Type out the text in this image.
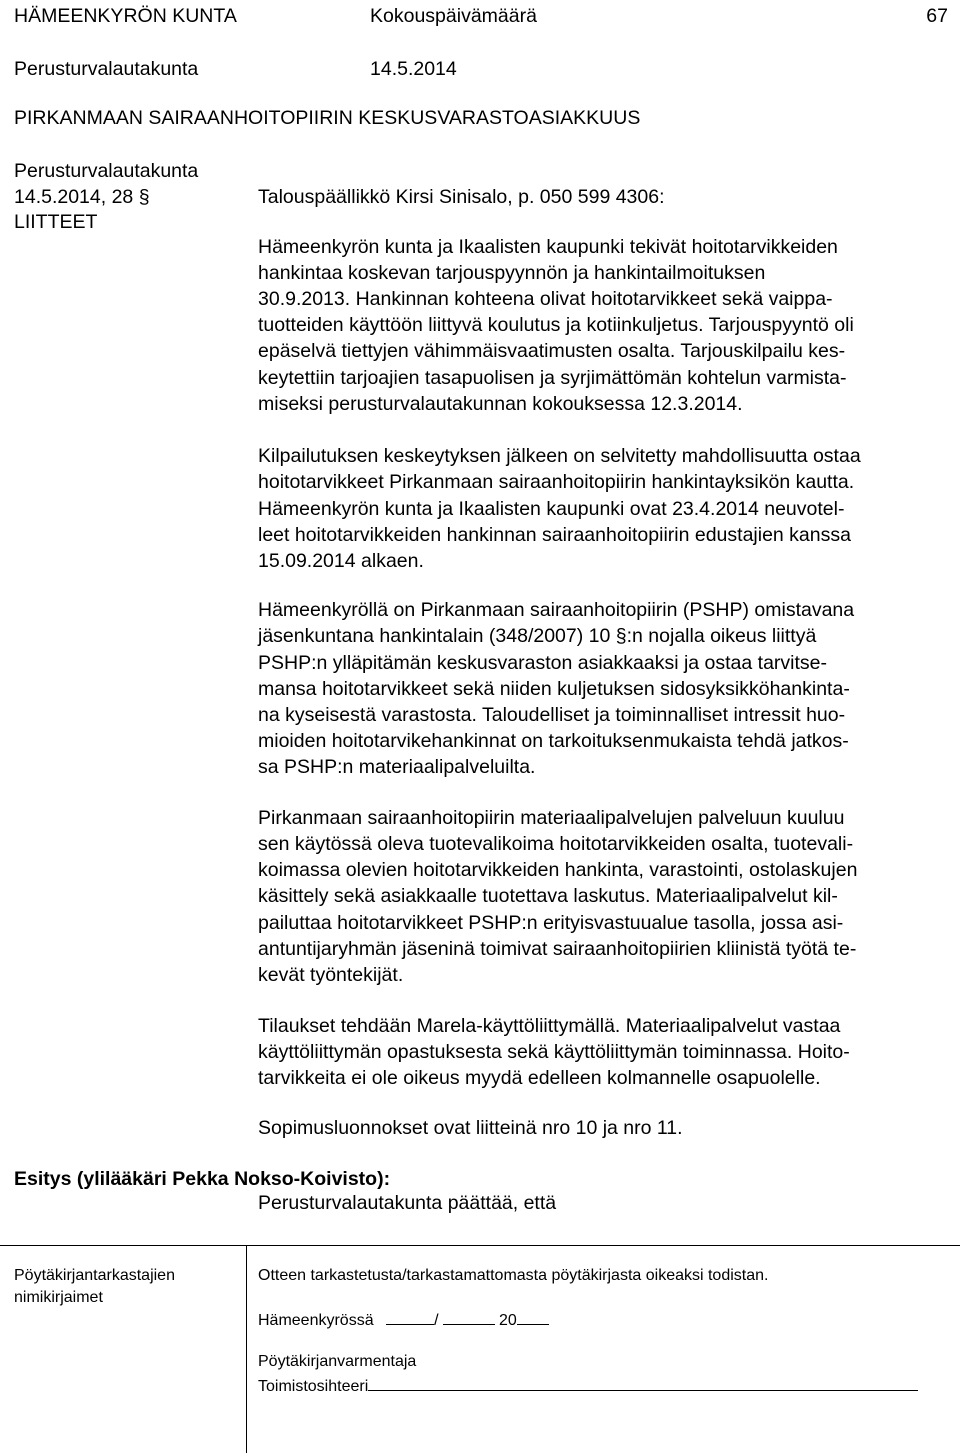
HÄMEENKYRÖN KUNTA	Kokouspäivämäärä	67
Perusturvalautakunta	14.5.2014
PIRKANMAAN SAIRAANHOITOPIIRIN KESKUSVARASTOASIAKKUUS
Perusturvalautakunta
14.5.2014, 28 §
LIITTEET
Talouspäällikkö Kirsi Sinisalo, p. 050 599 4306:
Hämeenkyrön kunta ja Ikaalisten kaupunki tekivät hoitotarvikkeiden
hankintaa koskevan tarjouspyynnön ja hankintailmoituksen
30.9.2013. Hankinnan kohteena olivat hoitotarvikkeet sekä vaippa-
tuotteiden käyttöön liittyvä koulutus ja kotiinkuljetus. Tarjouspyyntö oli
epäselvä tiettyjen vähimmäisvaatimusten osalta. Tarjouskilpailu kes-
keytettiin tarjoajien tasapuolisen ja syrjimättömän kohtelun varmista-
miseksi perusturvalautakunnan kokouksessa 12.3.2014.
Kilpailutuksen keskeytyksen jälkeen on selvitetty mahdollisuutta ostaa
hoitotarvikkeet Pirkanmaan sairaanhoitopiirin hankintayksikön kautta.
Hämeenkyrön kunta ja Ikaalisten kaupunki ovat 23.4.2014 neuvotel-
leet hoitotarvikkeiden hankinnan sairaanhoitopiirin edustajien kanssa
15.09.2014 alkaen.
Hämeenkyröllä on Pirkanmaan sairaanhoitopiirin (PSHP) omistavana
jäsenkuntana hankintalain (348/2007) 10 §:n nojalla oikeus liittyä
PSHP:n ylläpitämän keskusvaraston asiakkaaksi ja ostaa tarvitse-
mansa hoitotarvikkeet sekä niiden kuljetuksen sidosyksikköhankinta-
na kyseisestä varastosta. Taloudelliset ja toiminnalliset intressit huo-
mioiden hoitotarvikehankinnat on tarkoituksenmukaista tehdä jatkos-
sa PSHP:n materiaalipalveluilta.
Pirkanmaan sairaanhoitopiirin materiaalipalvelujen palveluun kuuluu
sen käytössä oleva tuotevalikoima hoitotarvikkeiden osalta, tuotevali-
koimassa olevien hoitotarvikkeiden hankinta, varastointi, ostolaskujen
käsittely sekä asiakkaalle tuotettava laskutus. Materiaalipalvelut kil-
pailuttaa hoitotarvikkeet PSHP:n erityisvastuualue tasolla, jossa asi-
antuntijaryhmän jäseninä toimivat sairaanhoitopiirien kliinistä työtä te-
kevät työntekijät.
Tilaukset tehdään Marela-käyttöliittymällä. Materiaalipalvelut vastaa
käyttöliittymän opastuksesta sekä käyttöliittymän toiminnassa. Hoito-
tarvikkeita ei ole oikeus myydä edelleen kolmannelle osapuolelle.
Sopimusluonnokset ovat liitteinä nro 10 ja nro 11.
Esitys (ylilääkäri Pekka Nokso-Koivisto):
Perusturvalautakunta päättää, että
Pöytäkirjantarkastajien
nimikirjaimet
Otteen tarkastetusta/tarkastamattomasta pöytäkirjasta oikeaksi todistan.
Hämeenkyrössä	/	20
Pöytäkirjanvarmentaja
Toimistosihteeri
